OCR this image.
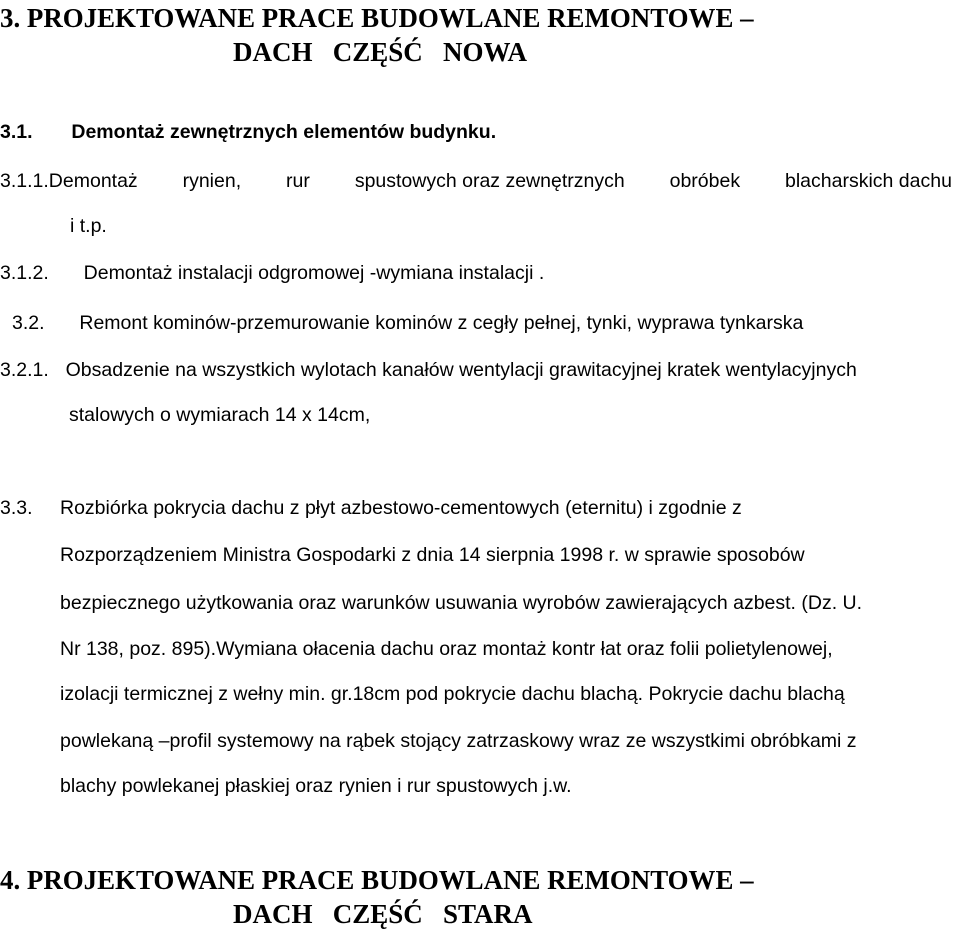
3. PROJEKTOWANE PRACE BUDOWLANE REMONTOWE –
DACH   CZĘŚĆ   NOWA
3.1. Demontaż zewnętrznych elementów budynku.
3.1.1.Demontaż rynien, rur spustowych oraz zewnętrznych obróbek blacharskich dachu
i t.p.
3.1.2. Demontaż instalacji odgromowej -wymiana instalacji .
3.2. Remont kominów-przemurowanie kominów z cegły pełnej, tynki, wyprawa tynkarska
3.2.1. Obsadzenie na wszystkich wylotach kanałów wentylacji grawitacyjnej kratek wentylacyjnych
stalowych o wymiarach 14 x 14cm,
3.3. Rozbiórka pokrycia dachu z płyt azbestowo-cementowych (eternitu) i zgodnie z
Rozporządzeniem Ministra Gospodarki z dnia 14 sierpnia 1998 r. w sprawie sposobów
bezpiecznego użytkowania oraz warunków usuwania wyrobów zawierających azbest. (Dz. U.
Nr 138, poz. 895).Wymiana ołacenia dachu oraz montaż kontr łat oraz folii polietylenowej,
izolacji termicznej z wełny min. gr.18cm pod pokrycie dachu blachą. Pokrycie dachu blachą
powlekaną –profil systemowy na rąbek stojący zatrzaskowy wraz ze wszystkimi obróbkami z
blachy powlekanej płaskiej oraz rynien i rur spustowych j.w.
4. PROJEKTOWANE PRACE BUDOWLANE REMONTOWE –
DACH   CZĘŚĆ   STARA
